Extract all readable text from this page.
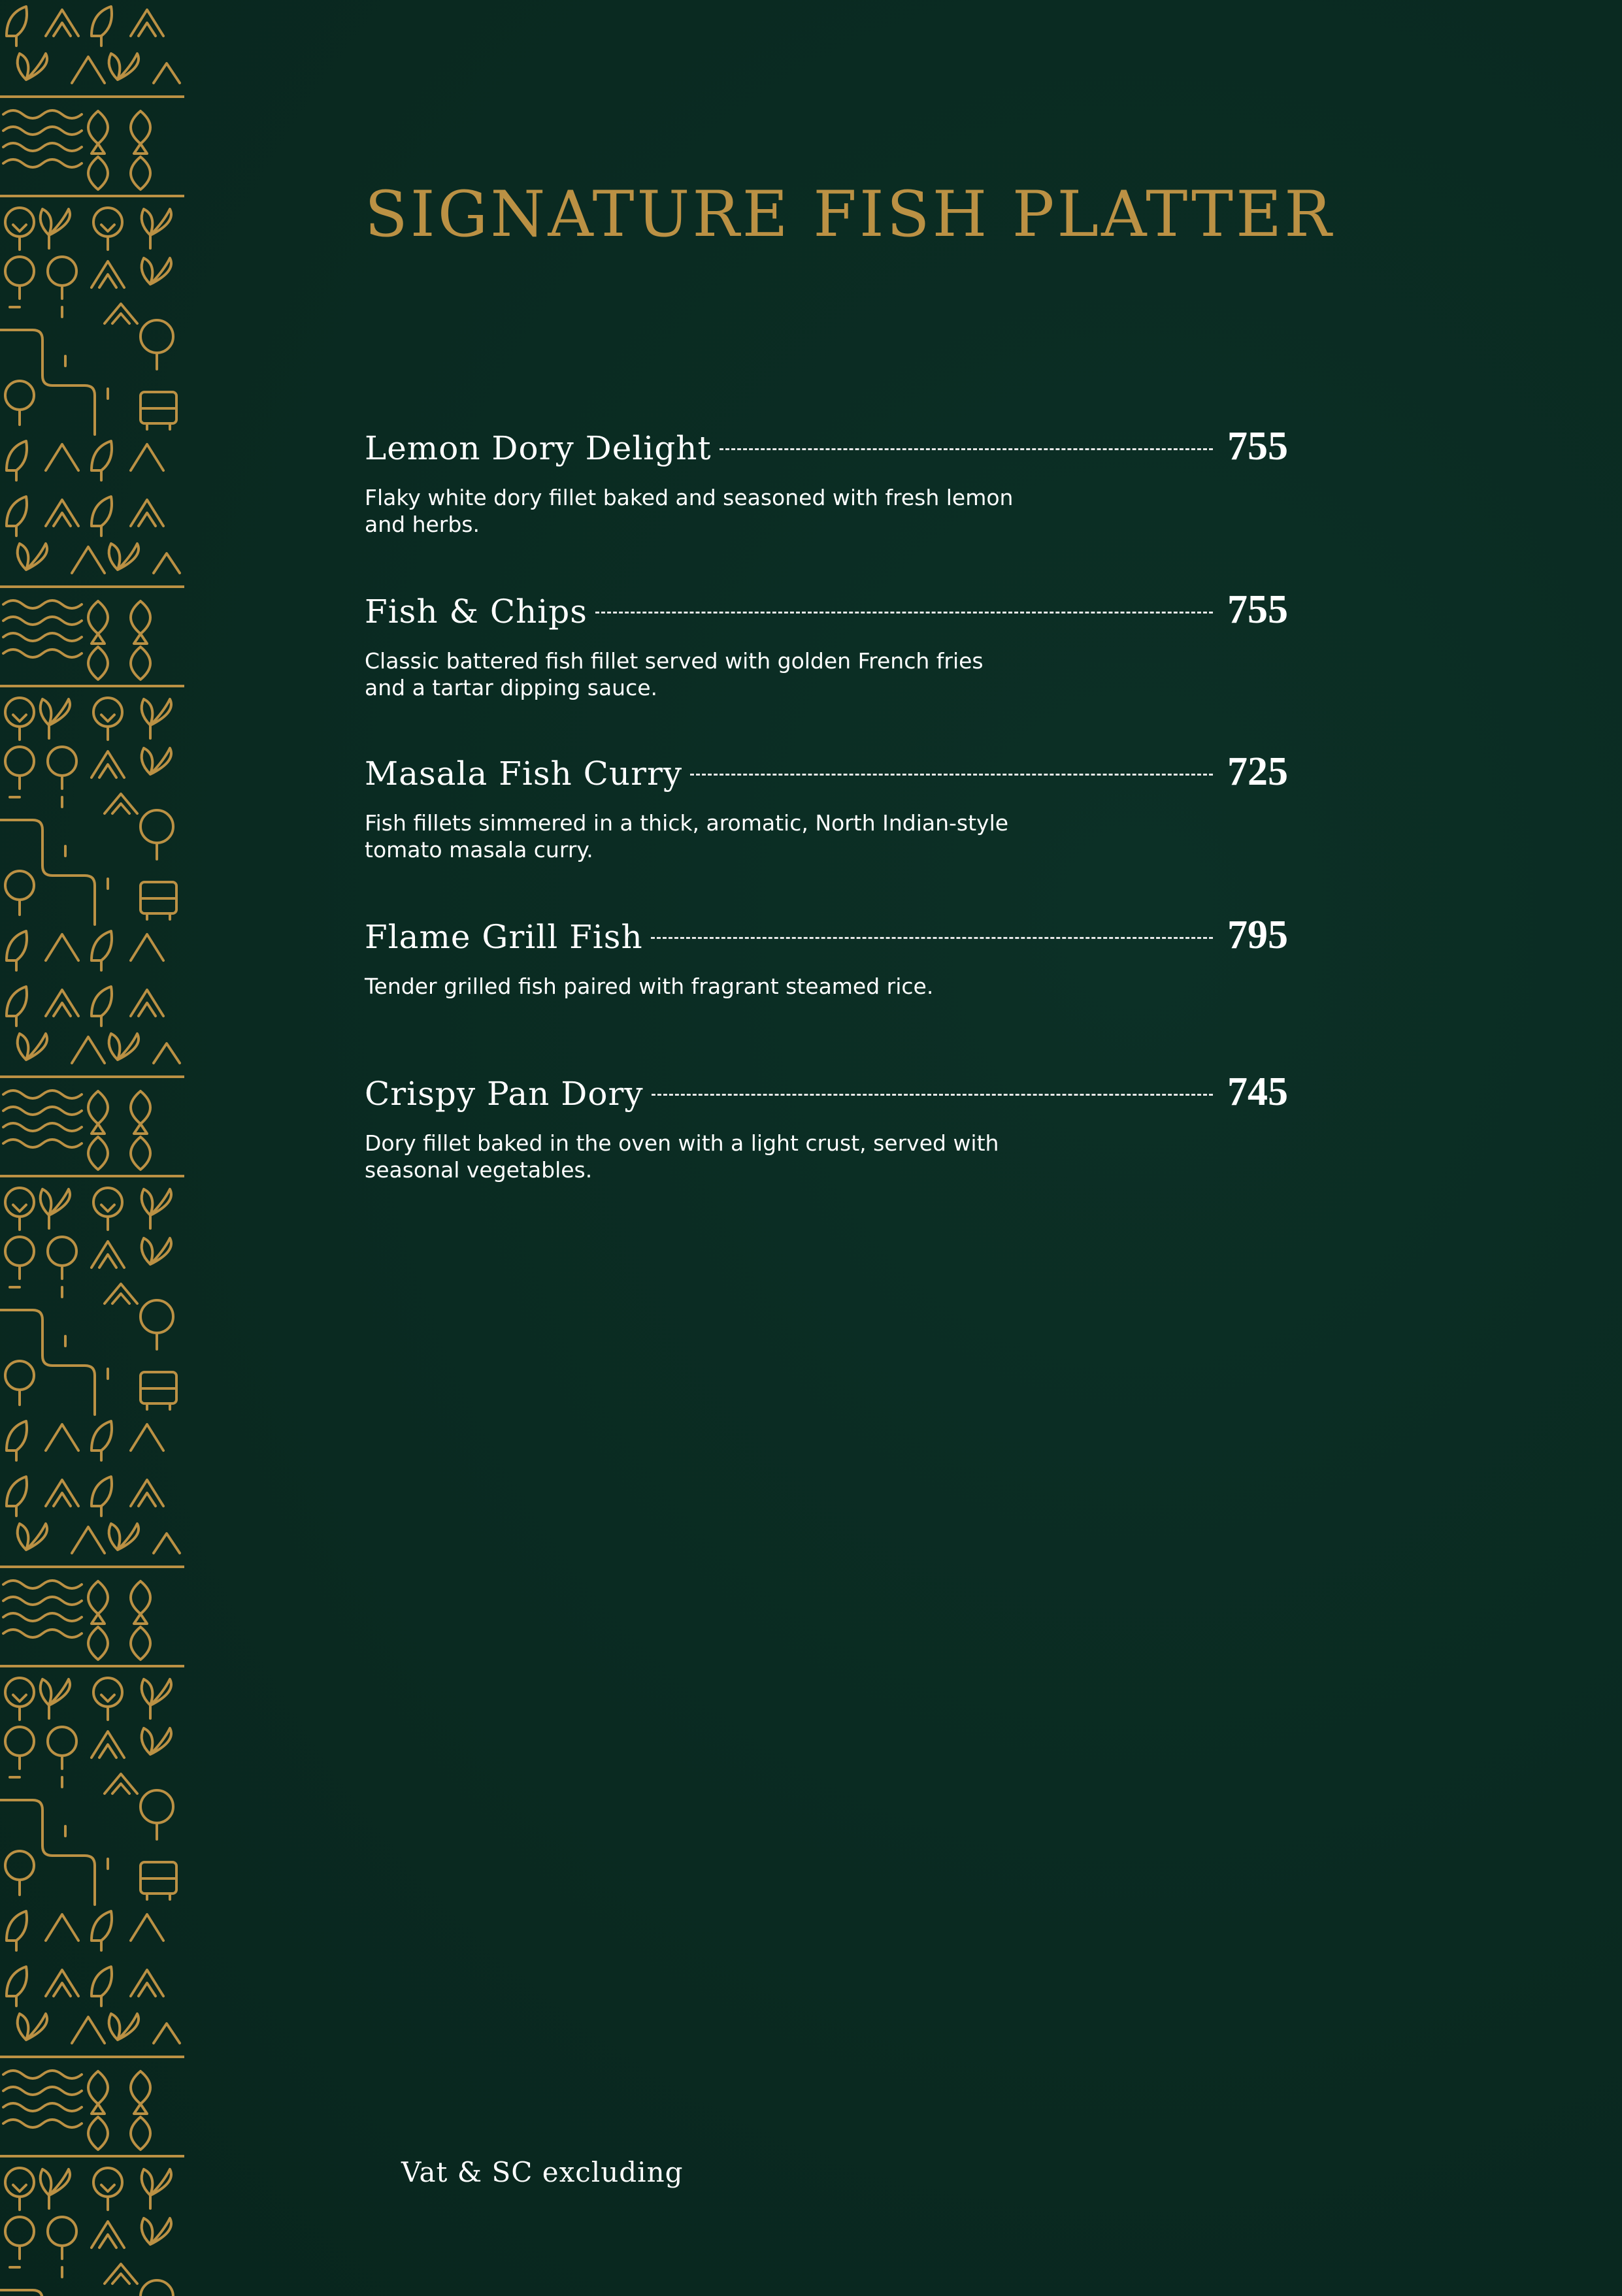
SIGNATURE FISH PLATTER
Lemon Dory Delight	755
Flaky white dory fillet baked and seasoned with fresh lemon and herbs.
Fish & Chips	755
Classic battered fish fillet served with golden French fries and a tartar dipping sauce.
Masala Fish Curry	725
Fish fillets simmered in a thick, aromatic, North Indian-style tomato masala curry.
Flame Grill Fish	795
Tender grilled fish paired with fragrant steamed rice.
Crispy Pan Dory	745
Dory fillet baked in the oven with a light crust, served with seasonal vegetables.
Vat & SC excluding
